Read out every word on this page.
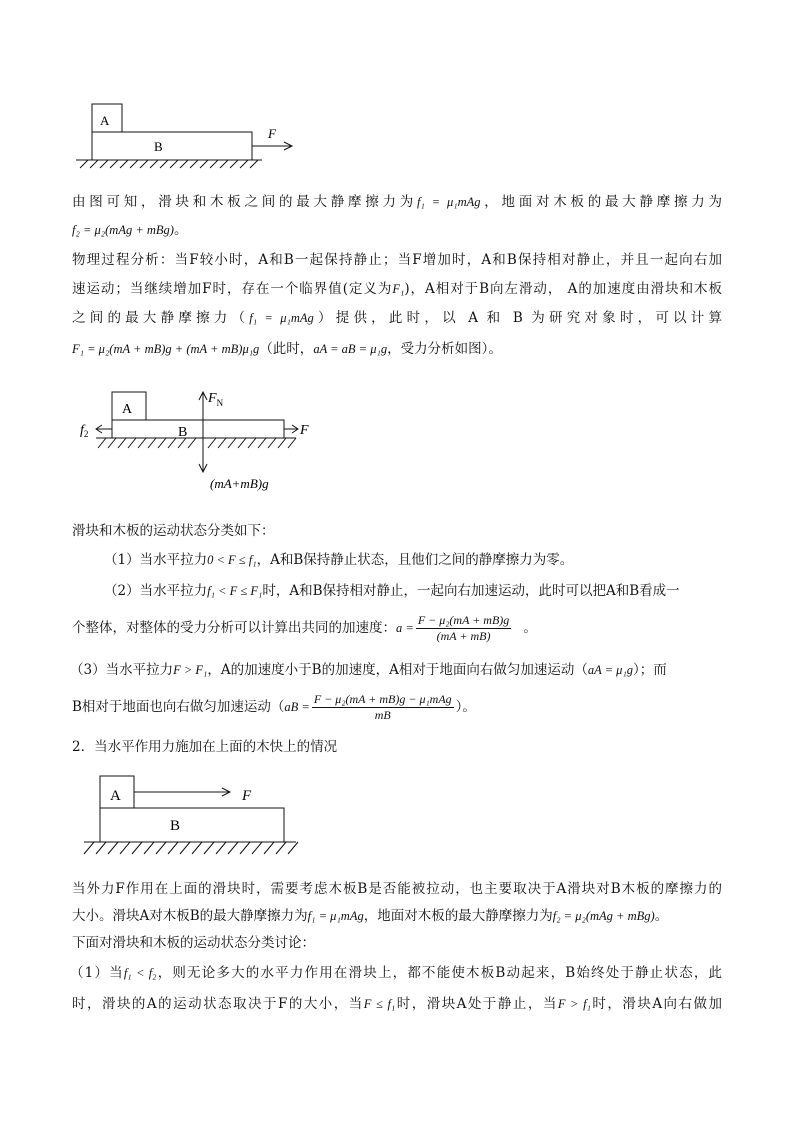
A
B
F
由图可知，滑块和木板之间的最大静摩擦力为f₁ = μ₁mAg，地面对木板的最大静摩擦力为
f₂ = μ₂(mAg + mBg)。
物理过程分析：当F较小时，A和B一起保持静止；当F增加时，A和B保持相对静止，并且一起向右加
速运动；当继续增加F时，存在一个临界值(定义为F₁)，A相对于B向左滑动， A的加速度由滑块和木板
之间的最大静摩擦力（f₁ = μ₁mAg）提供，此时，以 A 和 B 为研究对象时，可以计算
F₁ = μ₂(mA + mB)g + (mA + mB)μ₁g（此时，aA = aB = μ₁g，受力分析如图）。
A
B
$F_N$
$f_2$	F
(mA+mB)g
滑块和木板的运动状态分类如下：
（1）当水平拉力0 < F ≤ f₁，A和B保持静止状态，且他们之间的静摩擦力为零。
（2）当水平拉力f₁ < F ≤ F₁时，A和B保持相对静止，一起向右加速运动，此时可以把A和B看成一
个整体，对整体的受力分析可以计算出共同的加速度：$a = \frac{\text{F − μ₂(mA + mB)g}}{(mA + mB)}$ 。
（3）当水平拉力F > F₁，A的加速度小于B的加速度，A相对于地面向右做匀加速运动（aA = μ₁g）；而
B相对于地面也向右做匀加速运动（$aB = \frac{\text{F − μ₂(mA + mB)g − μ₁mAg}}{mB}$ ）。
2．当水平作用力施加在上面的木快上的情况
A	F
B
当外力F作用在上面的滑块时，需要考虑木板B是否能被拉动，也主要取决于A滑块对B木板的摩擦力的
大小。滑块A对木板B的最大静摩擦力为f₁ = μ₁mAg，地面对木板的最大静摩擦力为f₂ = μ₂(mAg + mBg)。
下面对滑块和木板的运动状态分类讨论：
（1）当f₁ < f₂，则无论多大的水平力作用在滑块上，都不能使木板B动起来，B始终处于静止状态，此
时，滑块的A的运动状态取决于F的大小，当F ≤ f₁时，滑块A处于静止，当F > f₁时，滑块A向右做加
